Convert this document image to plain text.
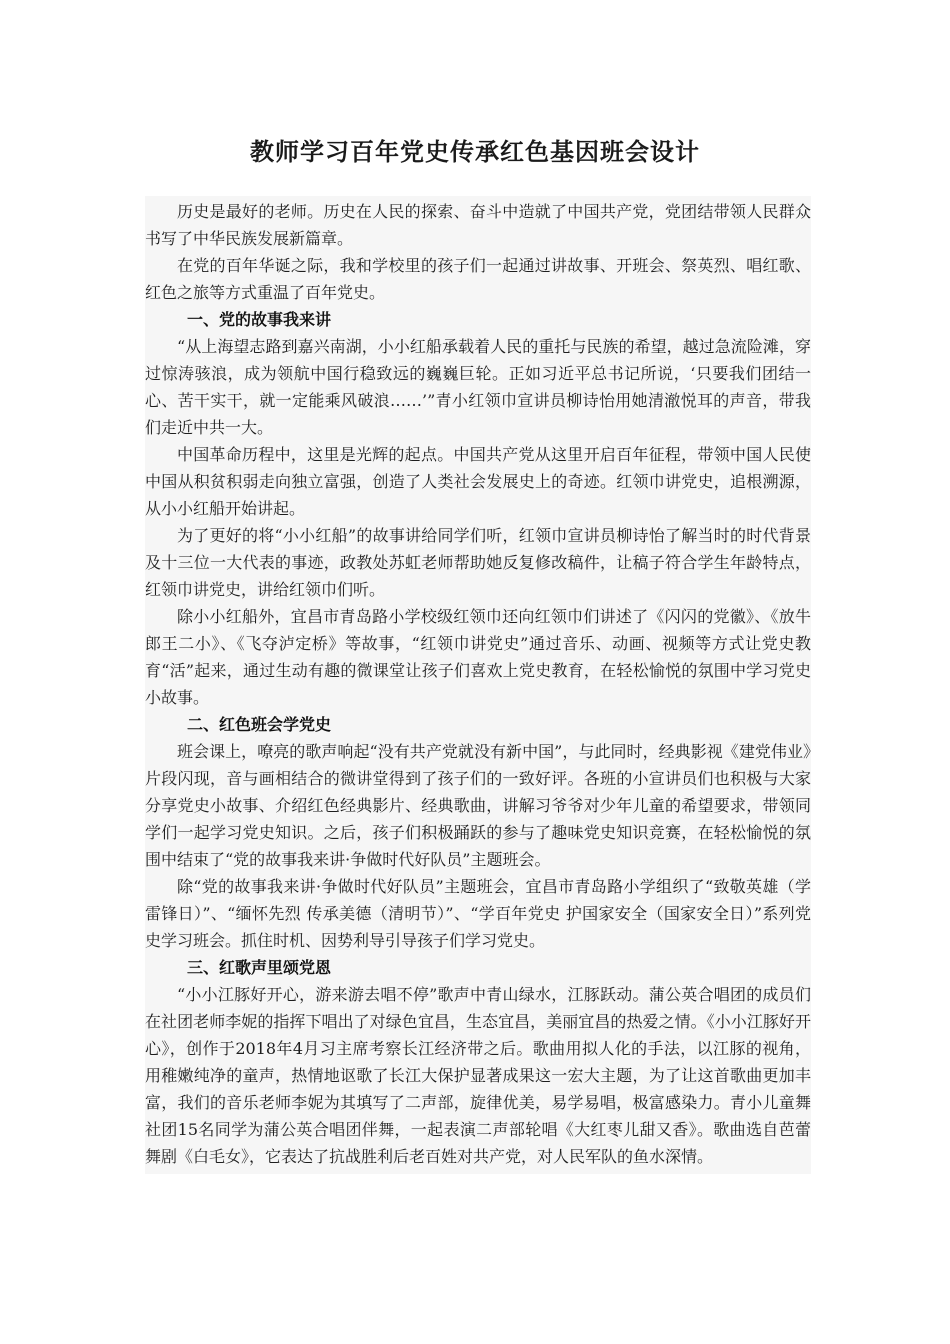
教师学习百年党史传承红色基因班会设计

历史是最好的老师。历史在人民的探索、奋斗中造就了中国共产党，党团结带领人民群众书写了中华民族发展新篇章。

在党的百年华诞之际，我和学校里的孩子们一起通过讲故事、开班会、祭英烈、唱红歌、红色之旅等方式重温了百年党史。

一、党的故事我来讲

“从上海望志路到嘉兴南湖，小小红船承载着人民的重托与民族的希望，越过急流险滩，穿过惊涛骇浪，成为领航中国行稳致远的巍巍巨轮。正如习近平总书记所说，‘只要我们团结一心、苦干实干，就一定能乘风破浪……’”青小红领巾宣讲员柳诗怡用她清澈悦耳的声音，带我们走近中共一大。

中国革命历程中，这里是光辉的起点。中国共产党从这里开启百年征程，带领中国人民使中国从积贫积弱走向独立富强，创造了人类社会发展史上的奇迹。红领巾讲党史，追根溯源，从小小红船开始讲起。

为了更好的将“小小红船”的故事讲给同学们听，红领巾宣讲员柳诗怡了解当时的时代背景及十三位一大代表的事迹，政教处苏虹老师帮助她反复修改稿件，让稿子符合学生年龄特点，红领巾讲党史，讲给红领巾们听。

除小小红船外，宜昌市青岛路小学校级红领巾还向红领巾们讲述了《闪闪的党徽》、《放牛郎王二小》、《飞夺泸定桥》等故事，“红领巾讲党史”通过音乐、动画、视频等方式让党史教育“活”起来，通过生动有趣的微课堂让孩子们喜欢上党史教育，在轻松愉悦的氛围中学习党史小故事。

二、红色班会学党史

班会课上，嘹亮的歌声响起“没有共产党就没有新中国”，与此同时，经典影视《建党伟业》片段闪现，音与画相结合的微讲堂得到了孩子们的一致好评。各班的小宣讲员们也积极与大家分享党史小故事、介绍红色经典影片、经典歌曲，讲解习爷爷对少年儿童的希望要求，带领同学们一起学习党史知识。之后，孩子们积极踊跃的参与了趣味党史知识竞赛，在轻松愉悦的氛围中结束了“党的故事我来讲·争做时代好队员”主题班会。

除“党的故事我来讲·争做时代好队员”主题班会，宜昌市青岛路小学组织了“致敬英雄（学雷锋日）”、“缅怀先烈 传承美德（清明节）”、“学百年党史 护国家安全（国家安全日）”系列党史学习班会。抓住时机、因势利导引导孩子们学习党史。

三、红歌声里颂党恩

“小小江豚好开心，游来游去唱不停”歌声中青山绿水，江豚跃动。蒲公英合唱团的成员们在社团老师李妮的指挥下唱出了对绿色宜昌，生态宜昌，美丽宜昌的热爱之情。《小小江豚好开心》，创作于2018年4月习主席考察长江经济带之后。歌曲用拟人化的手法，以江豚的视角，用稚嫩纯净的童声，热情地讴歌了长江大保护显著成果这一宏大主题，为了让这首歌曲更加丰富，我们的音乐老师李妮为其填写了二声部，旋律优美，易学易唱，极富感染力。青小儿童舞社团15名同学为蒲公英合唱团伴舞，一起表演二声部轮唱《大红枣儿甜又香》。歌曲选自芭蕾舞剧《白毛女》，它表达了抗战胜利后老百姓对共产党，对人民军队的鱼水深情。
